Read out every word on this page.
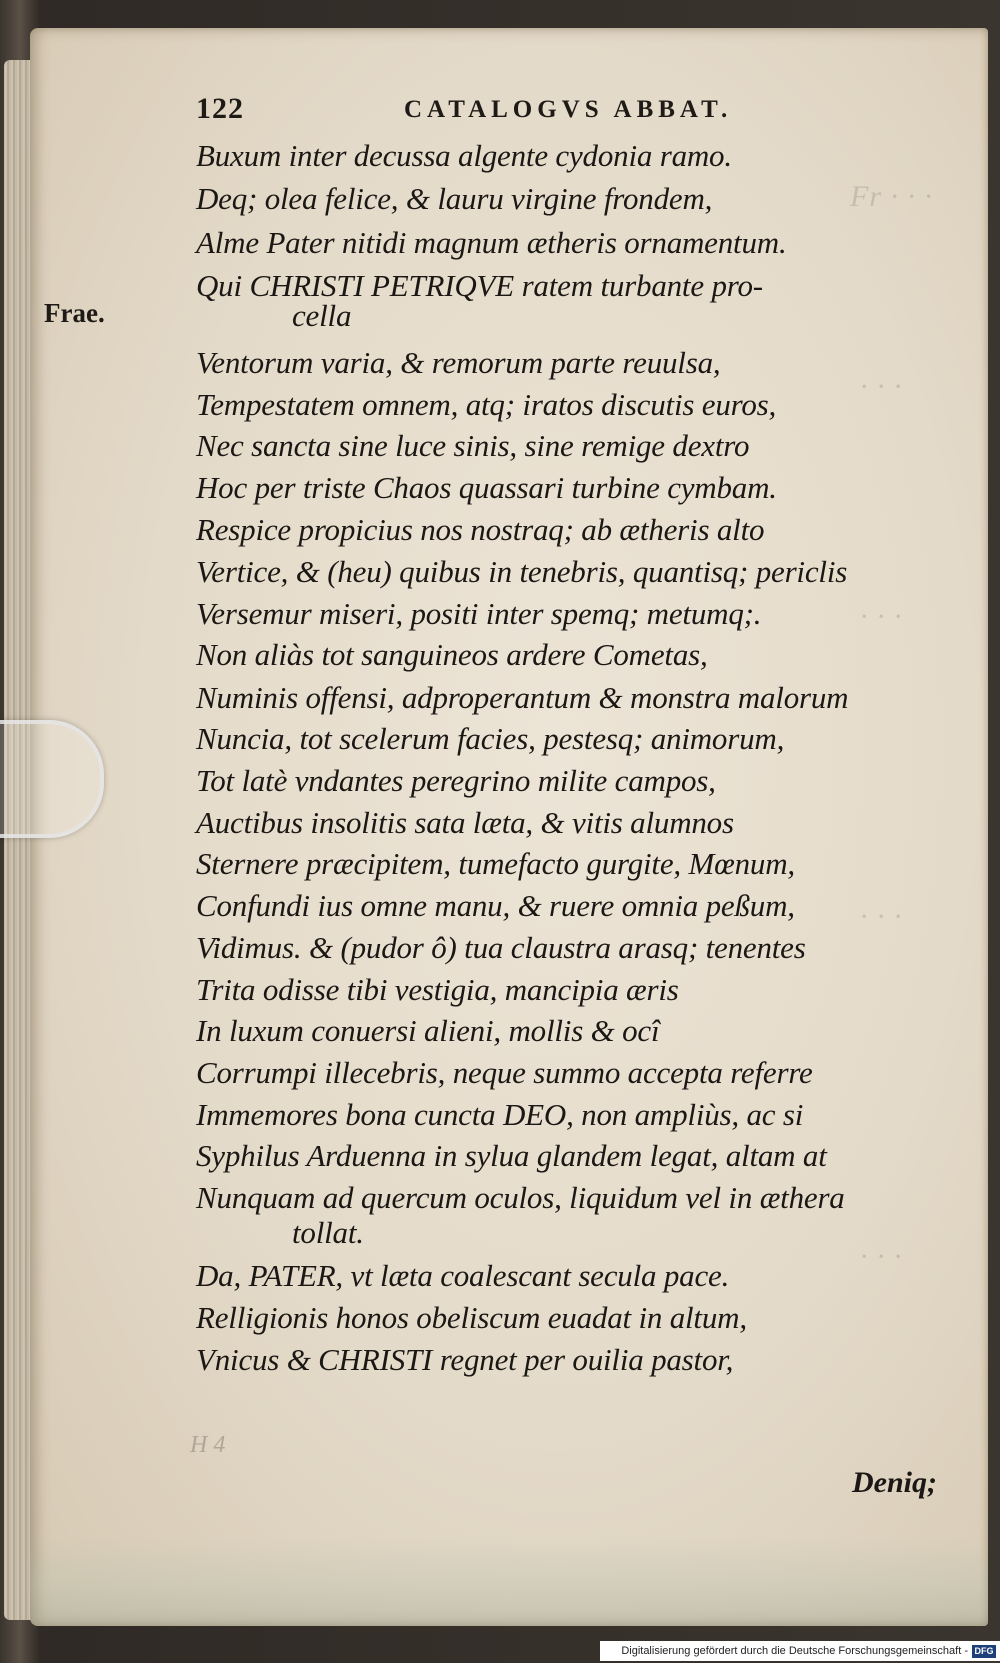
Fr · · ·
· · ·
· · ·
· · ·
· · ·
122	CATALOGVS ABBAT.
Frae.
Buxum inter decussa algente cydonia ramo.
Deq; olea felice, & lauru virgine frondem,
Alme Pater nitidi magnum ætheris ornamentum.
Qui CHRISTI PETRIQVE ratem turbante pro-
cella
Ventorum varia, & remorum parte reuulsa,
Tempestatem omnem, atq; iratos discutis euros,
Nec sancta sine luce sinis, sine remige dextro
Hoc per triste Chaos quassari turbine cymbam.
Respice propicius nos nostraq; ab ætheris alto
Vertice, & (heu) quibus in tenebris, quantisq; periclis
Versemur miseri, positi inter spemq; metumq;.
Non aliàs tot sanguineos ardere Cometas,
Numinis offensi, adproperantum & monstra malorum
Nuncia, tot scelerum facies, pestesq; animorum,
Tot latè vndantes peregrino milite campos,
Auctibus insolitis sata læta, & vitis alumnos
Sternere præcipitem, tumefacto gurgite, Mœnum,
Confundi ius omne manu, & ruere omnia peßum,
Vidimus. & (pudor ô) tua claustra arasq; tenentes
Trita odisse tibi vestigia, mancipia æris
In luxum conuersi alieni, mollis & ocî
Corrumpi illecebris, neque summo accepta referre
Immemores bona cuncta DEO, non ampliùs, ac si
Syphilus Arduenna in sylua glandem legat, altam at
Nunquam ad quercum oculos, liquidum vel in æthera
tollat.
Da, PATER, vt læta coalescant secula pace.
Relligionis honos obeliscum euadat in altum,
Vnicus & CHRISTI regnet per ouilia pastor,
H 4
Deniq;
Digitalisierung gefördert durch die Deutsche Forschungsgemeinschaft - DFG
